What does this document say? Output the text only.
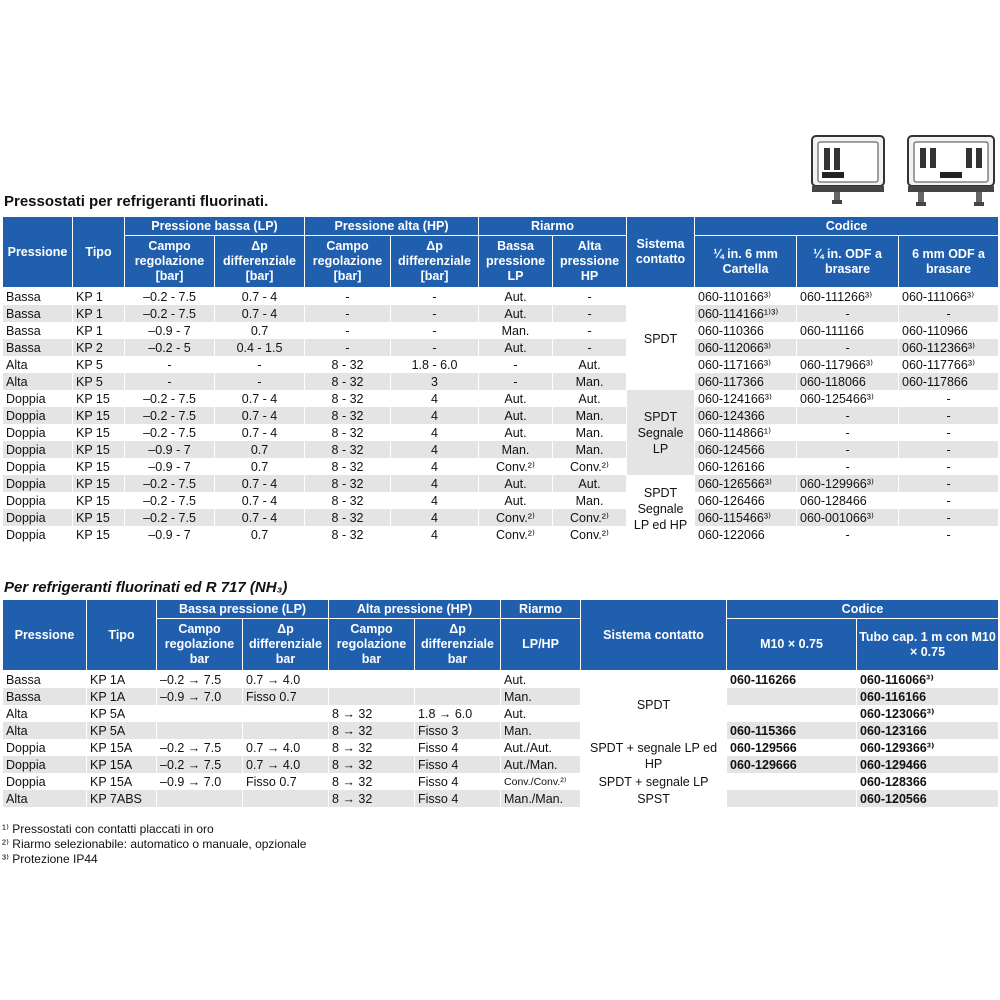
Pressostati per refrigeranti fluorinati.
Pressione	Tipo	Pressione bassa (LP)		Pressione alta (HP)		Riarmo		Sistema contatto	Codice		
		Campo regolazione [bar]	Δp differenziale [bar]	Campo regolazione [bar]	Δp differenziale [bar]	Bassa pressione LP	Alta pressione HP		¼ in. 6 mm Cartella	¼ in. ODF a brasare	6 mm ODF a brasare
Bassa	KP 1	–0.2 - 7.5	0.7 - 4	-	-	Aut.	-	SPDT	060-110166³⁾	060-111266³⁾	060-111066³⁾
Bassa	KP 1	–0.2 - 7.5	0.7 - 4	-	-	Aut.	-		060-114166¹⁾³⁾	-	-
Bassa	KP 1	–0.9 - 7	0.7	-	-	Man.	-		060-110366	060-111166	060-110966
Bassa	KP 2	–0.2 - 5	0.4 - 1.5	-	-	Aut.	-		060-112066³⁾	-	060-112366³⁾
Alta	KP 5	-	-	8 - 32	1.8 - 6.0	-	Aut.		060-117166³⁾	060-117966³⁾	060-117766³⁾
Alta	KP 5	-	-	8 - 32	3	-	Man.		060-117366	060-118066	060-117866
Doppia	KP 15	–0.2 - 7.5	0.7 - 4	8 - 32	4	Aut.	Aut.	SPDT Segnale LP	060-124166³⁾	060-125466³⁾	-
Doppia	KP 15	–0.2 - 7.5	0.7 - 4	8 - 32	4	Aut.	Man.		060-124366	-	-
Doppia	KP 15	–0.2 - 7.5	0.7 - 4	8 - 32	4	Aut.	Man.		060-114866¹⁾	-	-
Doppia	KP 15	–0.9 - 7	0.7	8 - 32	4	Man.	Man.		060-124566	-	-
Doppia	KP 15	–0.9 - 7	0.7	8 - 32	4	Conv.²⁾	Conv.²⁾		060-126166	-	-
Doppia	KP 15	–0.2 - 7.5	0.7 - 4	8 - 32	4	Aut.	Aut.	SPDT Segnale LP ed HP	060-126566³⁾	060-129966³⁾	-
Doppia	KP 15	–0.2 - 7.5	0.7 - 4	8 - 32	4	Aut.	Man.		060-126466	060-128466	-
Doppia	KP 15	–0.2 - 7.5	0.7 - 4	8 - 32	4	Conv.²⁾	Conv.²⁾		060-115466³⁾	060-001066³⁾	-
Doppia	KP 15	–0.9 - 7	0.7	8 - 32	4	Conv.²⁾	Conv.²⁾		060-122066	-	-
Per refrigeranti fluorinati ed R 717 (NH₃)
Pressione	Tipo	Bassa pressione (LP)		Alta pressione (HP)		Riarmo	Sistema contatto	Codice	
		Campo regolazione bar	Δp differenziale bar	Campo regolazione bar	Δp differenziale bar	LP/HP		M10 × 0.75	Tubo cap. 1 m con M10 × 0.75
Bassa	KP 1A	–0.2 → 7.5	0.7 → 4.0			Aut.	SPDT	060-116266	060-116066³⁾
Bassa	KP 1A	–0.9 → 7.0	Fisso 0.7			Man.			060-116166
Alta	KP 5A			8 → 32	1.8 → 6.0	Aut.			060-123066³⁾
Alta	KP 5A			8 → 32	Fisso 3	Man.		060-115366	060-123166
Doppia	KP 15A	–0.2 → 7.5	0.7 → 4.0	8 → 32	Fisso 4	Aut./Aut.	SPDT + segnale LP ed HP	060-129566	060-129366³⁾
Doppia	KP 15A	–0.2 → 7.5	0.7 → 4.0	8 → 32	Fisso 4	Aut./Man.		060-129666	060-129466
Doppia	KP 15A	–0.9 → 7.0	Fisso 0.7	8 → 32	Fisso 4	Conv./Conv.²⁾	SPDT + segnale LP		060-128366
Alta	KP 7ABS			8 → 32	Fisso 4	Man./Man.	SPST		060-120566
¹⁾ Pressostati con contatti placcati in oro
²⁾ Riarmo selezionabile: automatico o manuale, opzionale
³⁾ Protezione IP44
